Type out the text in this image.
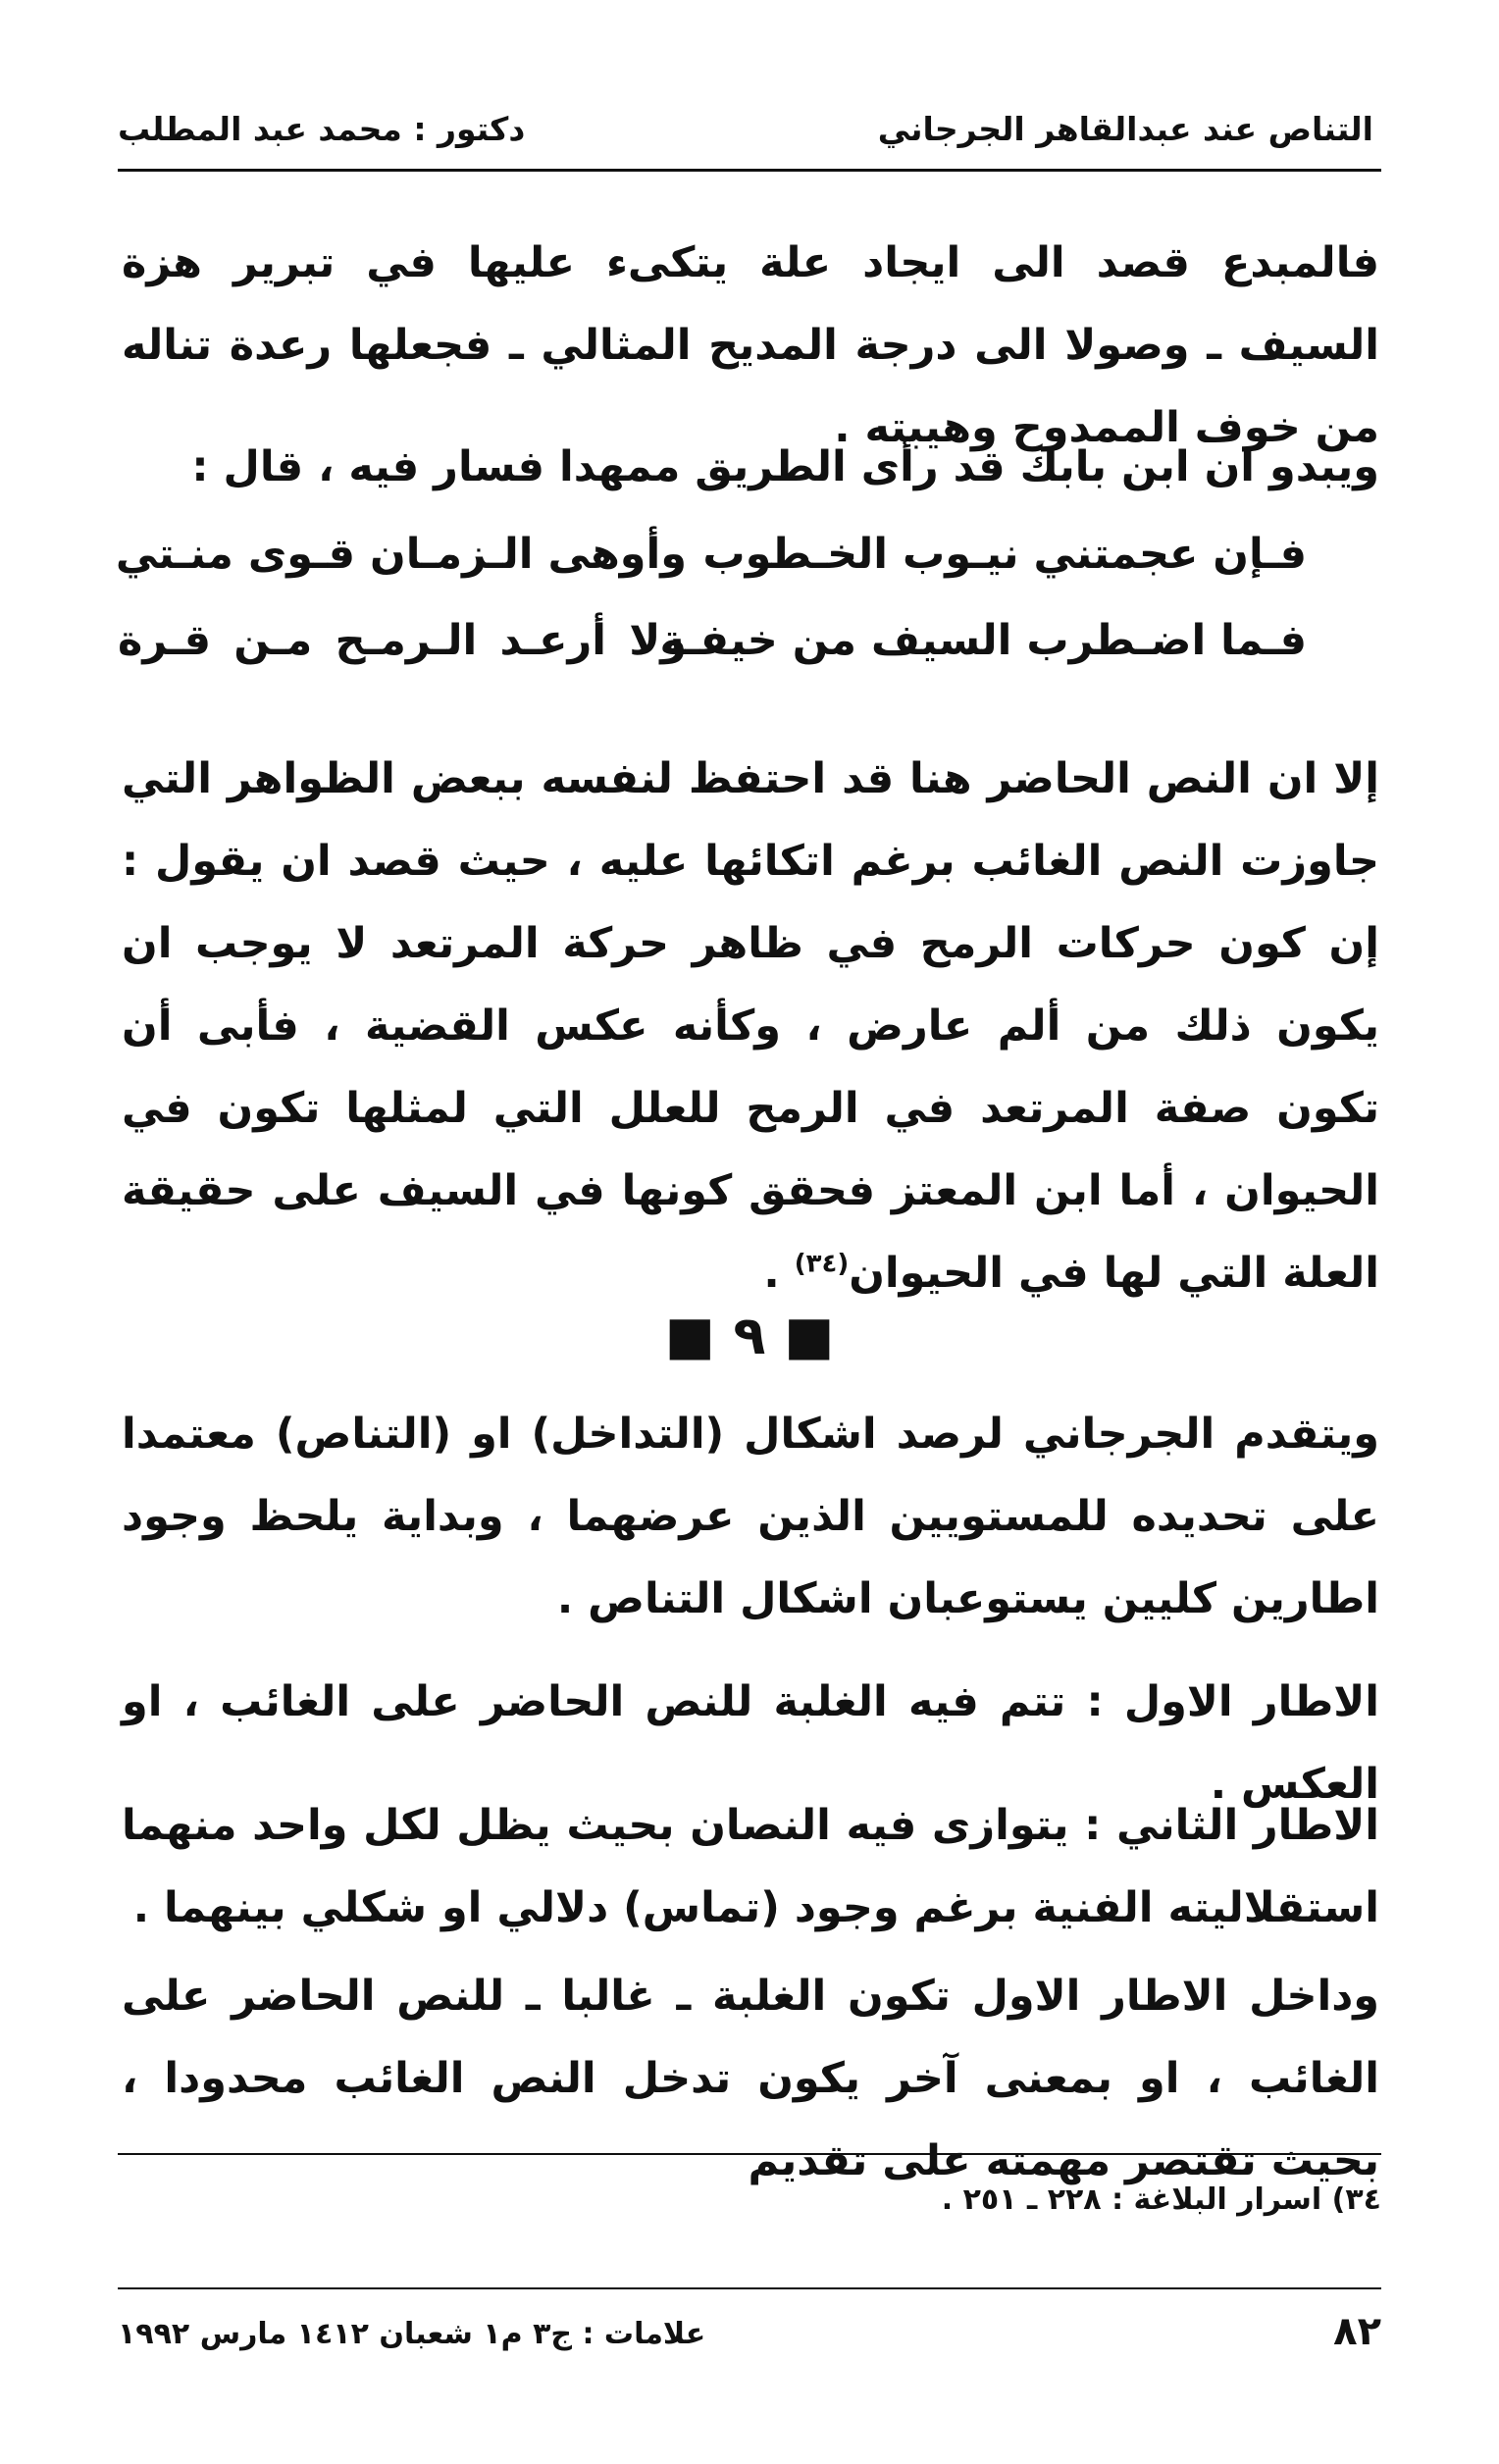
التناص عند عبدالقاهر الجرجاني
دكتور : محمد عبد المطلب
فالمبدع قصد الى ايجاد علة يتكىء عليها في تبرير هزة السيف ـ وصولا الى درجة المديح المثالي ـ فجعلها رعدة تناله من خوف الممدوح وهيبته .
ويبدو ان ابن بابك قد رأى الطريق ممهدا فسار فيه ، قال :
فـإن عجمتني نيـوب الخـطوب
وأوهى الـزمـان قـوى منـتي
فـما اضـطرب السيف من خيفـة
ولا أرعـد الـرمـح مـن قـرة
إلا ان النص الحاضر هنا قد احتفظ لنفسه ببعض الظواهر التي جاوزت النص الغائب برغم اتكائها عليه ، حيث قصد ان يقول : إن كون حركات الرمح في ظاهر حركة المرتعد لا يوجب ان يكون ذلك من ألم عارض ، وكأنه عكس القضية ، فأبى أن تكون صفة المرتعد في الرمح للعلل التي لمثلها تكون في الحيوان ، أما ابن المعتز فحقق كونها في السيف على حقيقة العلة التي لها في الحيوان$^{(٣٤)}$ .
■ ٩ ■
ويتقدم الجرجاني لرصد اشكال (التداخل) او (التناص) معتمدا على تحديده للمستويين الذين عرضهما ، وبداية يلحظ وجود اطارين كليين يستوعبان اشكال التناص .
الاطار الاول : تتم فيه الغلبة للنص الحاضر على الغائب ، او العكس .
الاطار الثاني : يتوازى فيه النصان بحيث يظل لكل واحد منهما استقلاليته الفنية برغم وجود (تماس) دلالي او شكلي بينهما .
وداخل الاطار الاول تكون الغلبة ـ غالبا ـ للنص الحاضر على الغائب ، او بمعنى آخر يكون تدخل النص الغائب محدودا ، بحيث تقتصر مهمته على تقديم
٣٤) اسرار البلاغة : ٢٢٨ ـ ٢٥١ .
علامات : ج٣ م١ شعبان ١٤١٢ مارس ١٩٩٢	٨٢
